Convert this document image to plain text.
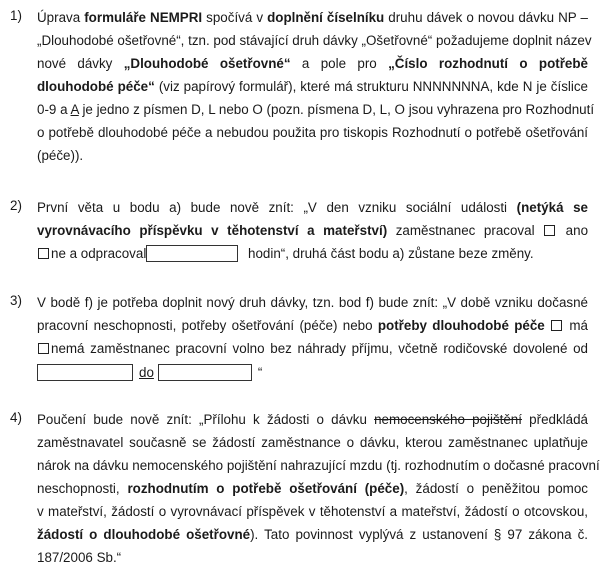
1) Úprava formuláře NEMPRI spočívá v doplnění číselníku druhu dávek o novou dávku NP –
„Dlouhodobé ošetřovné“, tzn. pod stávající druh dávky „Ošetřovné“ požadujeme doplnit název
nové dávky „Dlouhodobé ošetřovné“ a pole pro „Číslo rozhodnutí o potřebě
dlouhodobé péče“ (viz papírový formulář), které má strukturu NNNNNNNA, kde N je číslice
0-9 a A je jedno z písmen D, L nebo O (pozn. písmena D, L, O jsou vyhrazena pro Rozhodnutí
o potřebě dlouhodobé péče a nebudou použita pro tiskopis Rozhodnutí o potřebě ošetřování
(péče)).
2) První věta u bodu a) bude nově znít: „V den vzniku sociální události (netýká se
vyrovnávacího příspěvku v těhotenství a mateřství) zaměstnanec pracoval  ano
ne a odpracoval	hodin“, druhá část bodu a) zůstane beze změny.
3) V bodě f) je potřeba doplnit nový druh dávky, tzn. bod f) bude znít: „V době vzniku dočasné
pracovní neschopnosti, potřeby ošetřování (péče) nebo potřeby dlouhodobé péče  má
nemá zaměstnanec pracovní volno bez náhrady příjmu, včetně rodičovské dovolené od
do	“
4) Poučení bude nově znít: „Přílohu k žádosti o dávku nemocenského pojištění předkládá
zaměstnavatel současně se žádostí zaměstnance o dávku, kterou zaměstnanec uplatňuje
nárok na dávku nemocenského pojištění nahrazující mzdu (tj. rozhodnutím o dočasné pracovní
neschopnosti, rozhodnutím o potřebě ošetřování (péče), žádostí o peněžitou pomoc
v mateřství, žádostí o vyrovnávací příspěvek v těhotenství a mateřství, žádostí o otcovskou,
žádostí o dlouhodobé ošetřovné). Tato povinnost vyplývá z ustanovení § 97 zákona č.
187/2006 Sb.“
